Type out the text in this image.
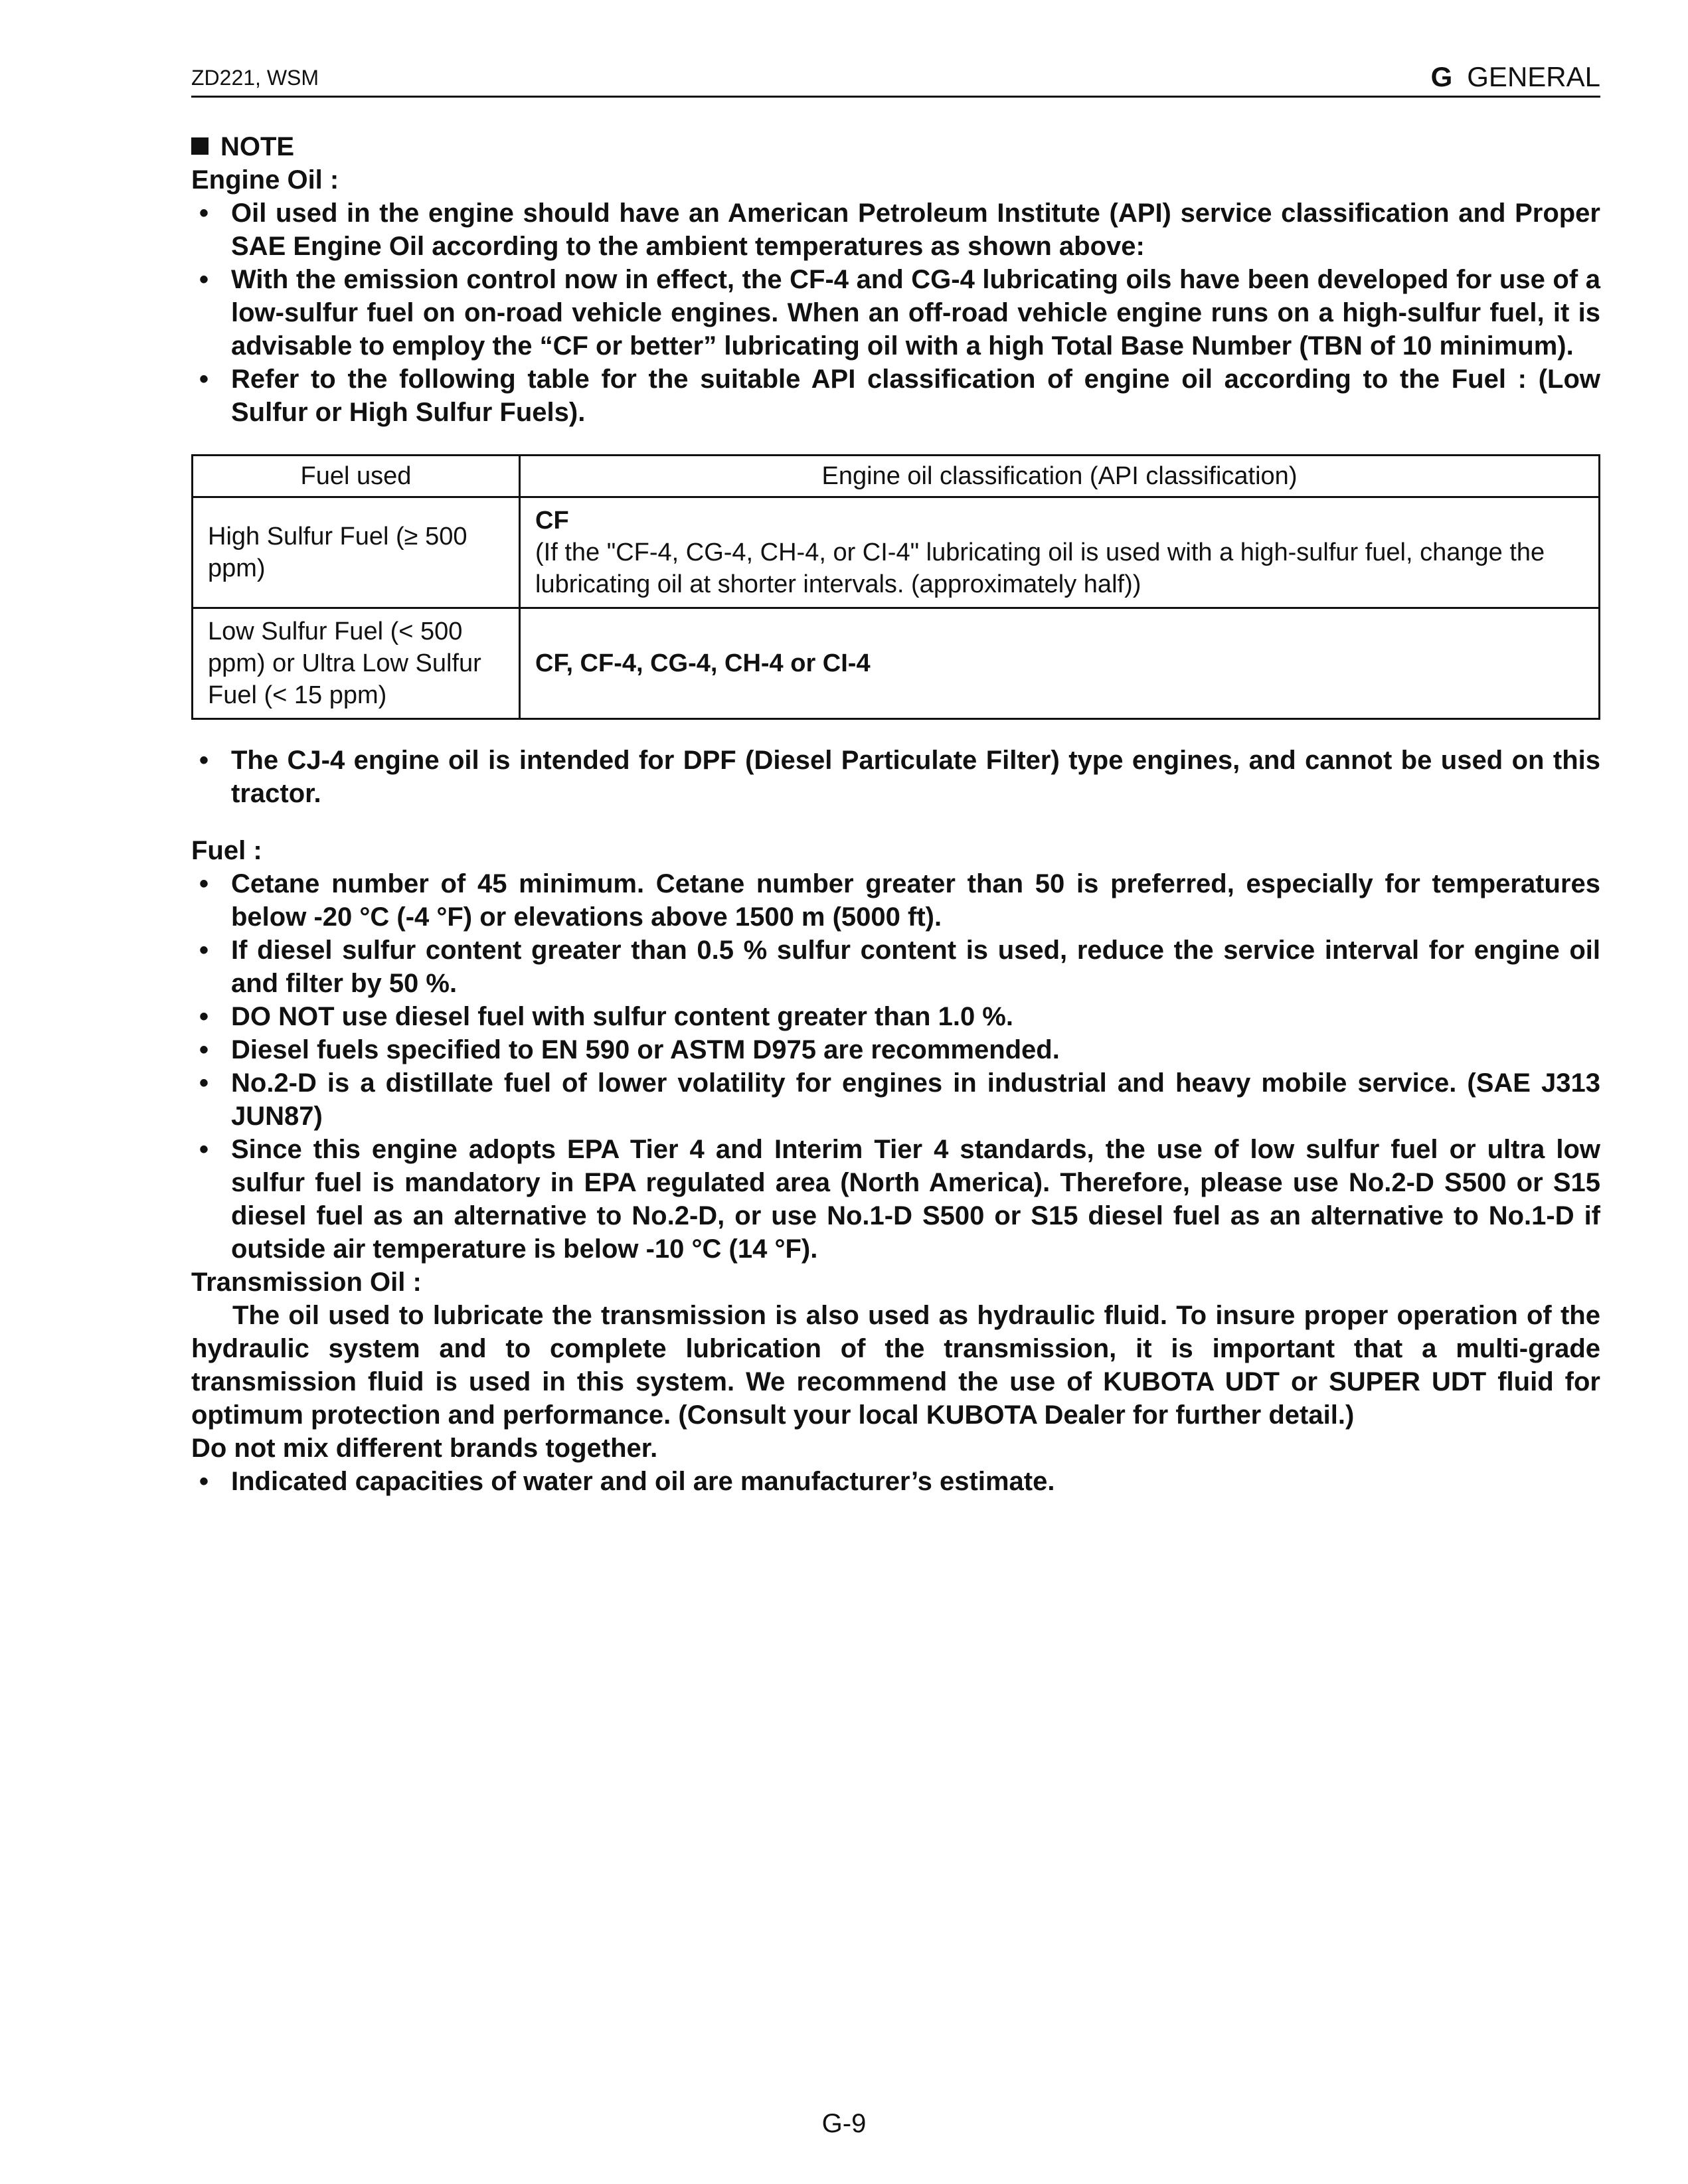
ZD221, WSM	G GENERAL
NOTE
Engine Oil :
• Oil used in the engine should have an American Petroleum Institute (API) service classification and Proper SAE Engine Oil according to the ambient temperatures as shown above:
• With the emission control now in effect, the CF-4 and CG-4 lubricating oils have been developed for use of a low-sulfur fuel on on-road vehicle engines. When an off-road vehicle engine runs on a high-sulfur fuel, it is advisable to employ the “CF or better” lubricating oil with a high Total Base Number (TBN of 10 minimum).
• Refer to the following table for the suitable API classification of engine oil according to the Fuel : (Low Sulfur or High Sulfur Fuels).
Fuel used	Engine oil classification (API classification)
High Sulfur Fuel (≥ 500 ppm)	CF
(If the "CF-4, CG-4, CH-4, or CI-4" lubricating oil is used with a high-sulfur fuel, change the lubricating oil at shorter intervals. (approximately half))

Low Sulfur Fuel (< 500 ppm) or Ultra Low Sulfur Fuel (< 15 ppm)	CF, CF-4, CG-4, CH-4 or CI-4
• The CJ-4 engine oil is intended for DPF (Diesel Particulate Filter) type engines, and cannot be used on this tractor.
Fuel :
• Cetane number of 45 minimum. Cetane number greater than 50 is preferred, especially for temperatures below -20 °C (-4 °F) or elevations above 1500 m (5000 ft).
• If diesel sulfur content greater than 0.5 % sulfur content is used, reduce the service interval for engine oil and filter by 50 %.
• DO NOT use diesel fuel with sulfur content greater than 1.0 %.
• Diesel fuels specified to EN 590 or ASTM D975 are recommended.
• No.2-D is a distillate fuel of lower volatility for engines in industrial and heavy mobile service. (SAE J313 JUN87)
• Since this engine adopts EPA Tier 4 and Interim Tier 4 standards, the use of low sulfur fuel or ultra low sulfur fuel is mandatory in EPA regulated area (North America). Therefore, please use No.2-D S500 or S15 diesel fuel as an alternative to No.2-D, or use No.1-D S500 or S15 diesel fuel as an alternative to No.1-D if outside air temperature is below -10 °C (14 °F).
Transmission Oil :
The oil used to lubricate the transmission is also used as hydraulic fluid. To insure proper operation of the hydraulic system and to complete lubrication of the transmission, it is important that a multi-grade transmission fluid is used in this system. We recommend the use of KUBOTA UDT or SUPER UDT fluid for optimum protection and performance. (Consult your local KUBOTA Dealer for further detail.)
Do not mix different brands together.
• Indicated capacities of water and oil are manufacturer’s estimate.
G-9
